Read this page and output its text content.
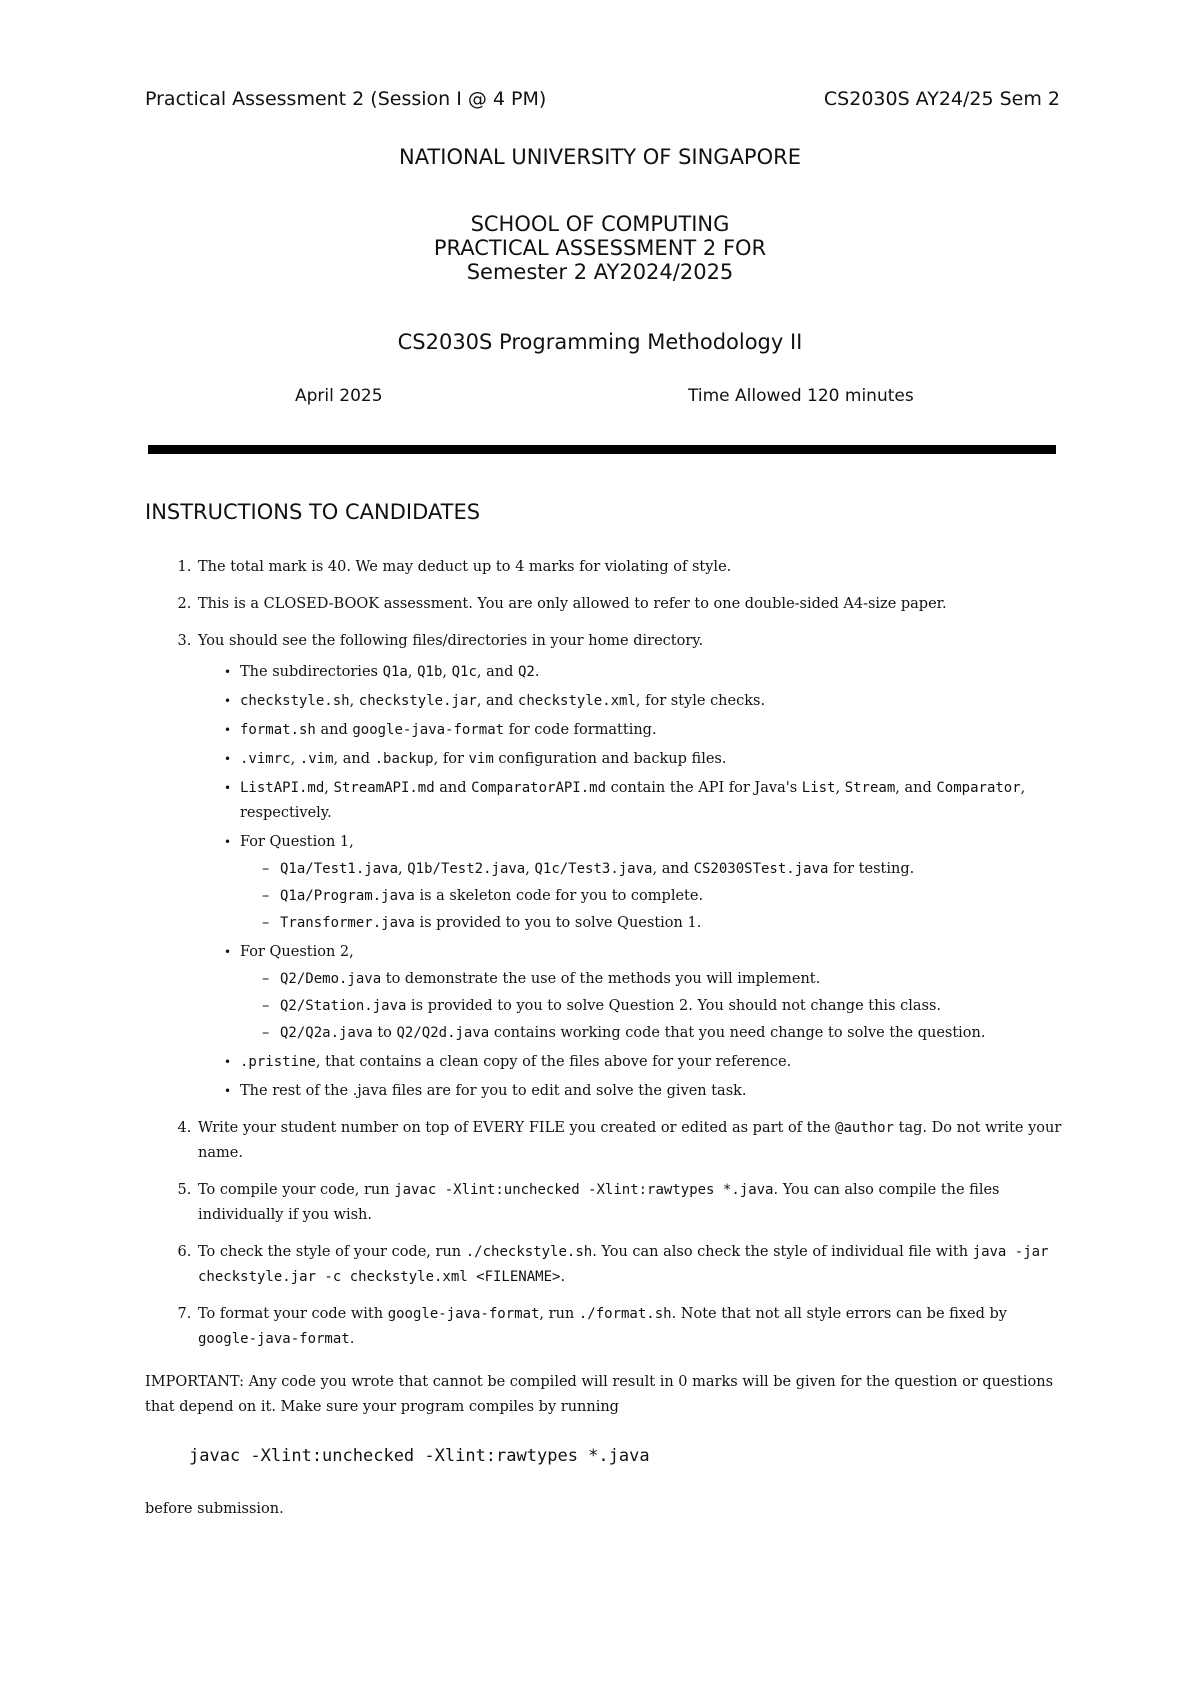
Practical Assessment 2 (Session I @ 4 PM)	CS2030S AY24/25 Sem 2
NATIONAL UNIVERSITY OF SINGAPORE
SCHOOL OF COMPUTING
PRACTICAL ASSESSMENT 2 FOR
Semester 2 AY2024/2025
CS2030S Programming Methodology II
April 2025	Time Allowed 120 minutes
INSTRUCTIONS TO CANDIDATES
1. The total mark is 40. We may deduct up to 4 marks for violating of style.
2. This is a CLOSED-BOOK assessment. You are only allowed to refer to one double-sided A4-size paper.
3. You should see the following files/directories in your home directory.
• The subdirectories Q1a, Q1b, Q1c, and Q2.
• checkstyle.sh, checkstyle.jar, and checkstyle.xml, for style checks.
• format.sh and google-java-format for code formatting.
• .vimrc, .vim, and .backup, for vim configuration and backup files.
• ListAPI.md, StreamAPI.md and ComparatorAPI.md contain the API for Java's List, Stream, and Comparator, respectively.
• For Question 1,
– Q1a/Test1.java, Q1b/Test2.java, Q1c/Test3.java, and CS2030STest.java for testing.
– Q1a/Program.java is a skeleton code for you to complete.
– Transformer.java is provided to you to solve Question 1.
• For Question 2,
– Q2/Demo.java to demonstrate the use of the methods you will implement.
– Q2/Station.java is provided to you to solve Question 2. You should not change this class.
– Q2/Q2a.java to Q2/Q2d.java contains working code that you need change to solve the question.
• .pristine, that contains a clean copy of the files above for your reference.
• The rest of the .java files are for you to edit and solve the given task.
4. Write your student number on top of EVERY FILE you created or edited as part of the @author tag. Do not write your name.
5. To compile your code, run javac -Xlint:unchecked -Xlint:rawtypes *.java. You can also compile the files individually if you wish.
6. To check the style of your code, run ./checkstyle.sh. You can also check the style of individual file with java -jar checkstyle.jar -c checkstyle.xml <FILENAME>.
7. To format your code with google-java-format, run ./format.sh. Note that not all style errors can be fixed by google-java-format.
IMPORTANT: Any code you wrote that cannot be compiled will result in 0 marks will be given for the question or questions that depend on it. Make sure your program compiles by running
javac -Xlint:unchecked -Xlint:rawtypes *.java
before submission.
